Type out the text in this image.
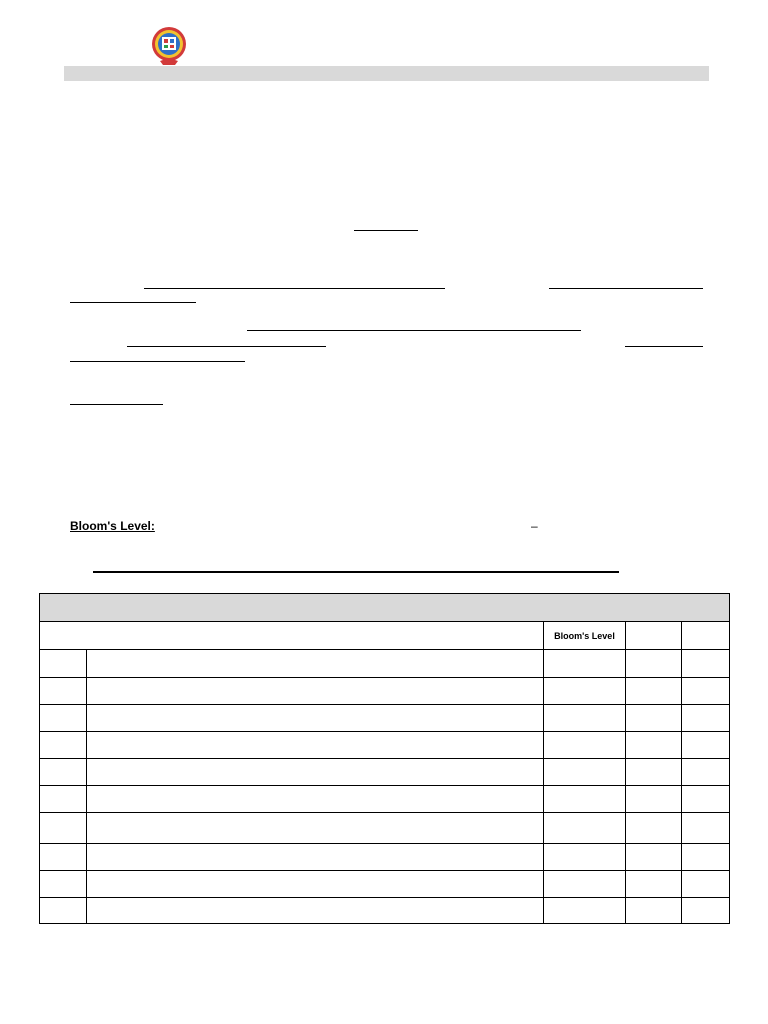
Bloom's Level:	–

		Bloom's Level		
